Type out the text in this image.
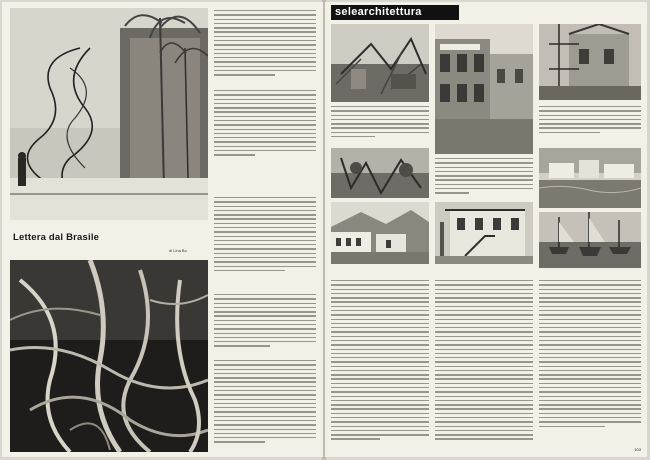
Lettera dal Brasile
di Lina Bo
selearchitettura
103
